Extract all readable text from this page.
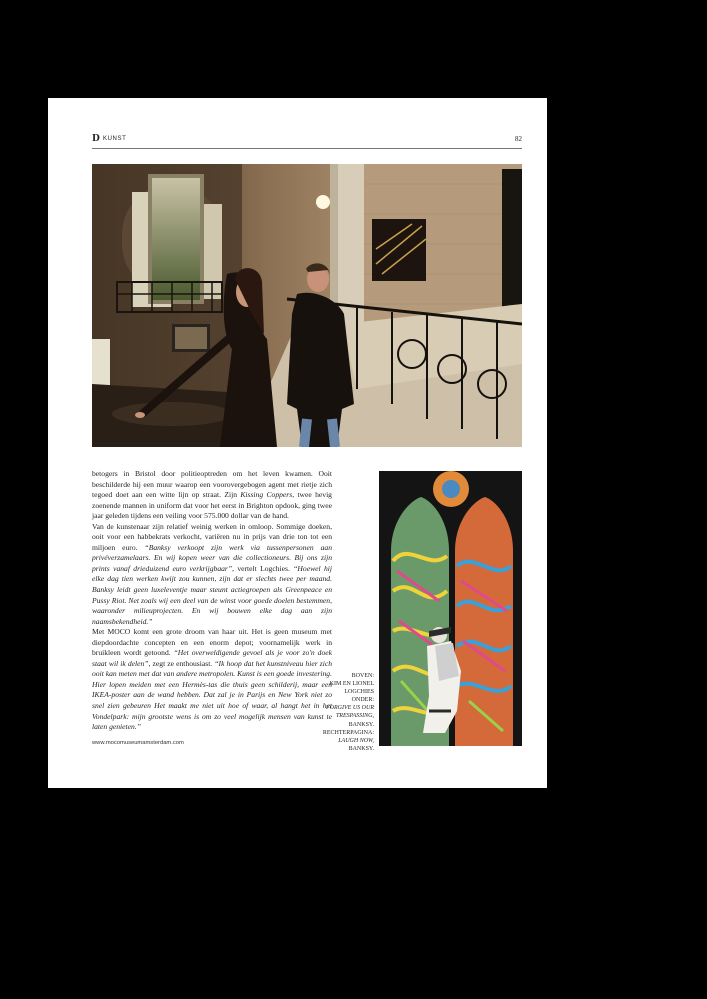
D KUNST	82

betogers in Bristol door politieoptreden om het leven kwamen. Ooit beschilderde hij een muur waarop een voorovergebogen agent met rietje zich tegoed doet aan een witte lijn op straat. Zijn Kissing Coppers, twee hevig zoenende mannen in uniform dat voor het eerst in Brighton opdook, ging twee jaar geleden tijdens een veiling voor 575.000 dollar van de hand.

Van de kunstenaar zijn relatief weinig werken in omloop. Sommige doeken, ooit voor een habbekrats verkocht, variëren nu in prijs van drie ton tot een miljoen euro. “Banksy verkoopt zijn werk via tussenpersonen aan privéverzamelaars. En wij kopen weer van die collectioneurs. Bij ons zijn prints vanaf drieduizend euro verkrijgbaar”, vertelt Logchies. “Hoewel hij elke dag tien werken kwijt zou kunnen, zijn dat er slechts twee per maand. Banksy leidt geen luxeleventje maar steunt actiegroepen als Greenpeace en Pussy Riot. Net zoals wij een deel van de winst voor goede doelen bestemmen, waaronder milieuprojecten. En wij bouwen elke dag aan zijn naamsbekendheid.”

Met MOCO komt een grote droom van haar uit. Het is geen museum met diepdoordachte concepten en een enorm depot; voornamelijk werk in bruikleen wordt getoond. “Het overweldigende gevoel als je voor zo'n doek staat wil ik delen”, zegt ze enthousiast. “Ik hoop dat het kunstniveau hier zich ooit kan meten met dat van andere metropolen. Kunst is een goede investering. Hier lopen meiden met een Hermès-tas die thuis geen schilderij, maar een IKEA-poster aan de wand hebben. Dat zal je in Parijs en New York niet zo snel zien gebeuren Het maakt me niet uit hoe of waar, al hangt het in het Vondelpark: mijn grootste wens is om zo veel mogelijk mensen van kunst te laten genieten.”

www.mocomuseumamsterdam.com
BOVEN:
KIM EN LIONEL
LOGCHIES
ONDER:
FORGIVE US OUR
TRESPASSING,
BANKSY.
RECHTERPAGINA:
LAUGH NOW,
BANKSY.
